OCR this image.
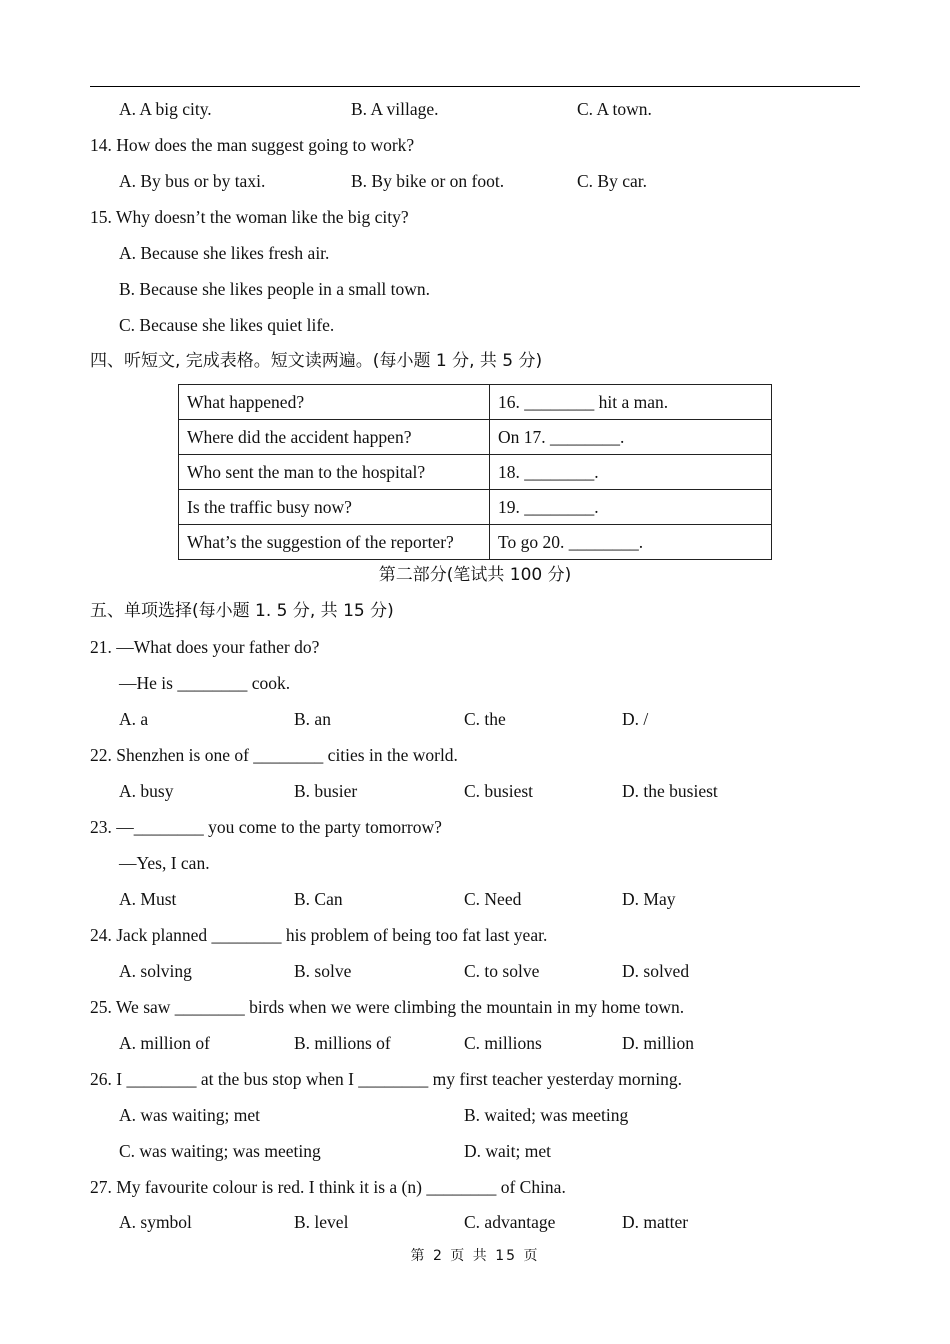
A. A big city.	B. A village.	C. A town.
14. How does the man suggest going to work?
A. By bus or by taxi.	B. By bike or on foot.	C. By car.
15. Why doesn’t the woman like the big city?
A. Because she likes fresh air.
B. Because she likes people in a small town.
C. Because she likes quiet life.
四、听短文, 完成表格。短文读两遍。(每小题 1 分, 共 5 分)
What happened?	16. ________ hit a man.
Where did the accident happen?	On 17. ________.
Who sent the man to the hospital?	18. ________.
Is the traffic busy now?	19. ________.
What’s the suggestion of the reporter?	To go 20. ________.
第二部分(笔试共 100 分)
五、单项选择(每小题 1. 5 分, 共 15 分)
21. —What does your father do?
—He is ________ cook.
A. a	B. an	C. the	D. /
22. Shenzhen is one of ________ cities in the world.
A. busy	B. busier	C. busiest	D. the busiest
23. —________ you come to the party tomorrow?
—Yes, I can.
A. Must	B. Can	C. Need	D. May
24. Jack planned ________ his problem of being too fat last year.
A. solving	B. solve	C. to solve	D. solved
25. We saw ________ birds when we were climbing the mountain in my home town.
A. million of	B. millions of	C. millions	D. million
26. I ________ at the bus stop when I ________ my first teacher yesterday morning.
A. was waiting; met	B. waited; was meeting
C. was waiting; was meeting	D. wait; met
27. My favourite colour is red. I think it is a (n) ________ of China.
A. symbol	B. level	C. advantage	D. matter
第 2 页 共 15 页
